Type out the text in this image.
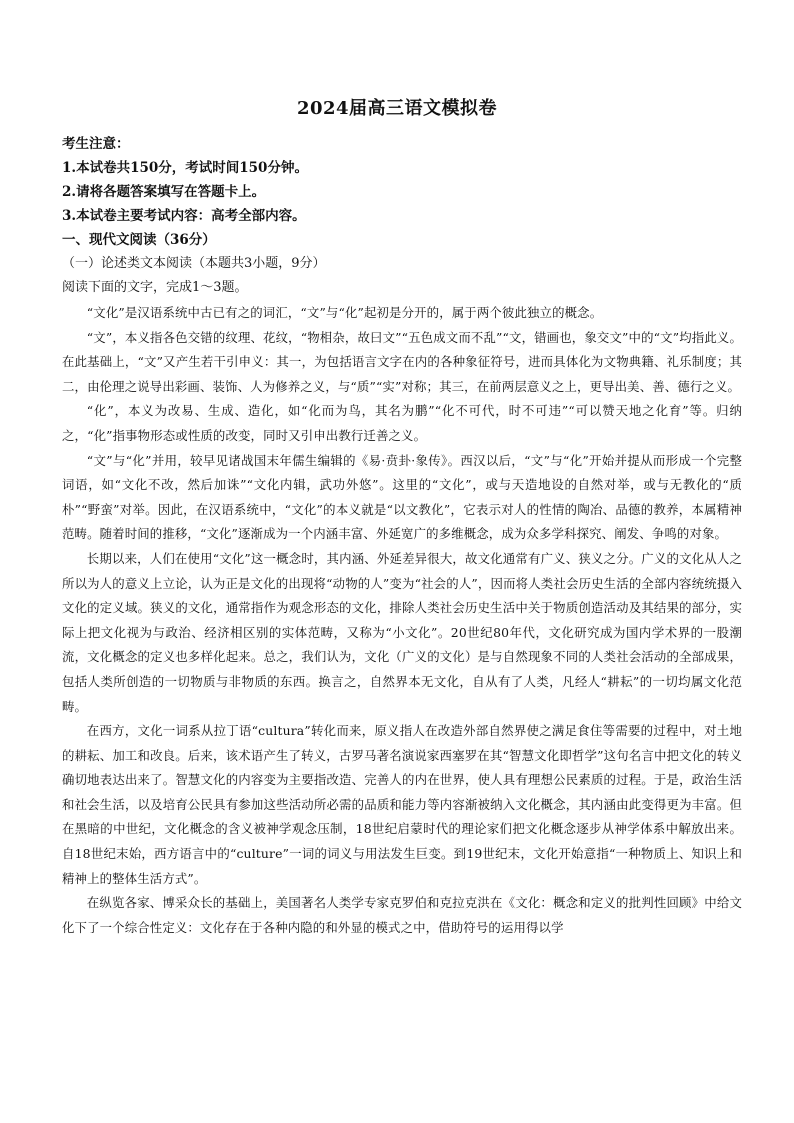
2024届高三语文模拟卷
考生注意：
1.本试卷共150分，考试时间150分钟。
2.请将各题答案填写在答题卡上。
3.本试卷主要考试内容：高考全部内容。
一、现代文阅读（36分）
（一）论述类文本阅读（本题共3小题，9分）
阅读下面的文字，完成1～3题。

“文化”是汉语系统中古已有之的词汇，“文”与“化”起初是分开的，属于两个彼此独立的概念。

“文”，本义指各色交错的纹理、花纹，“物相杂，故曰文”“五色成文而不乱”“文，错画也，象交文”中的“文”均指此义。在此基础上，“文”又产生若干引申义：其一，为包括语言文字在内的各种象征符号，进而具体化为文物典籍、礼乐制度；其二，由伦理之说导出彩画、装饰、人为修养之义，与“质”“实”对称；其三，在前两层意义之上，更导出美、善、德行之义。

“化”，本义为改易、生成、造化，如“化而为鸟，其名为鹏”“化不可代，时不可违”“可以赞天地之化育”等。归纳之，“化”指事物形态或性质的改变，同时又引申出教行迁善之义。

“文”与“化”并用，较早见诸战国末年儒生编辑的《易·贲卦·象传》。西汉以后，“文”与“化”开始并提从而形成一个完整词语，如“文化不改，然后加诛”“文化内辑，武功外悠”。这里的“文化”，或与天造地设的自然对举，或与无教化的“质朴”“野蛮”对举。因此，在汉语系统中，“文化”的本义就是“以文教化”，它表示对人的性情的陶冶、品德的教养，本属精神范畴。随着时间的推移，“文化”逐渐成为一个内涵丰富、外延宽广的多维概念，成为众多学科探究、阐发、争鸣的对象。

长期以来，人们在使用“文化”这一概念时，其内涵、外延差异很大，故文化通常有广义、狭义之分。广义的文化从人之所以为人的意义上立论，认为正是文化的出现将“动物的人”变为“社会的人”，因而将人类社会历史生活的全部内容统统摄入文化的定义域。狭义的文化，通常指作为观念形态的文化，排除人类社会历史生活中关于物质创造活动及其结果的部分，实际上把文化视为与政治、经济相区别的实体范畴，又称为“小文化”。20世纪80年代，文化研究成为国内学术界的一股潮流，文化概念的定义也多样化起来。总之，我们认为，文化（广义的文化）是与自然现象不同的人类社会活动的全部成果，包括人类所创造的一切物质与非物质的东西。换言之，自然界本无文化，自从有了人类，凡经人“耕耘”的一切均属文化范畴。

在西方，文化一词系从拉丁语“cultura”转化而来，原义指人在改造外部自然界使之满足食住等需要的过程中，对土地的耕耘、加工和改良。后来，该术语产生了转义，古罗马著名演说家西塞罗在其“智慧文化即哲学”这句名言中把文化的转义确切地表达出来了。智慧文化的内容变为主要指改造、完善人的内在世界，使人具有理想公民素质的过程。于是，政治生活和社会生活，以及培育公民具有参加这些活动所必需的品质和能力等内容渐被纳入文化概念，其内涵由此变得更为丰富。但在黑暗的中世纪，文化概念的含义被神学观念压制，18世纪启蒙时代的理论家们把文化概念逐步从神学体系中解放出来。自18世纪末始，西方语言中的“culture”一词的词义与用法发生巨变。到19世纪末，文化开始意指“一种物质上、知识上和精神上的整体生活方式”。

在纵览各家、博采众长的基础上，美国著名人类学专家克罗伯和克拉克洪在《文化：概念和定义的批判性回顾》中给文化下了一个综合性定义：文化存在于各种内隐的和外显的模式之中，借助符号的运用得以学
